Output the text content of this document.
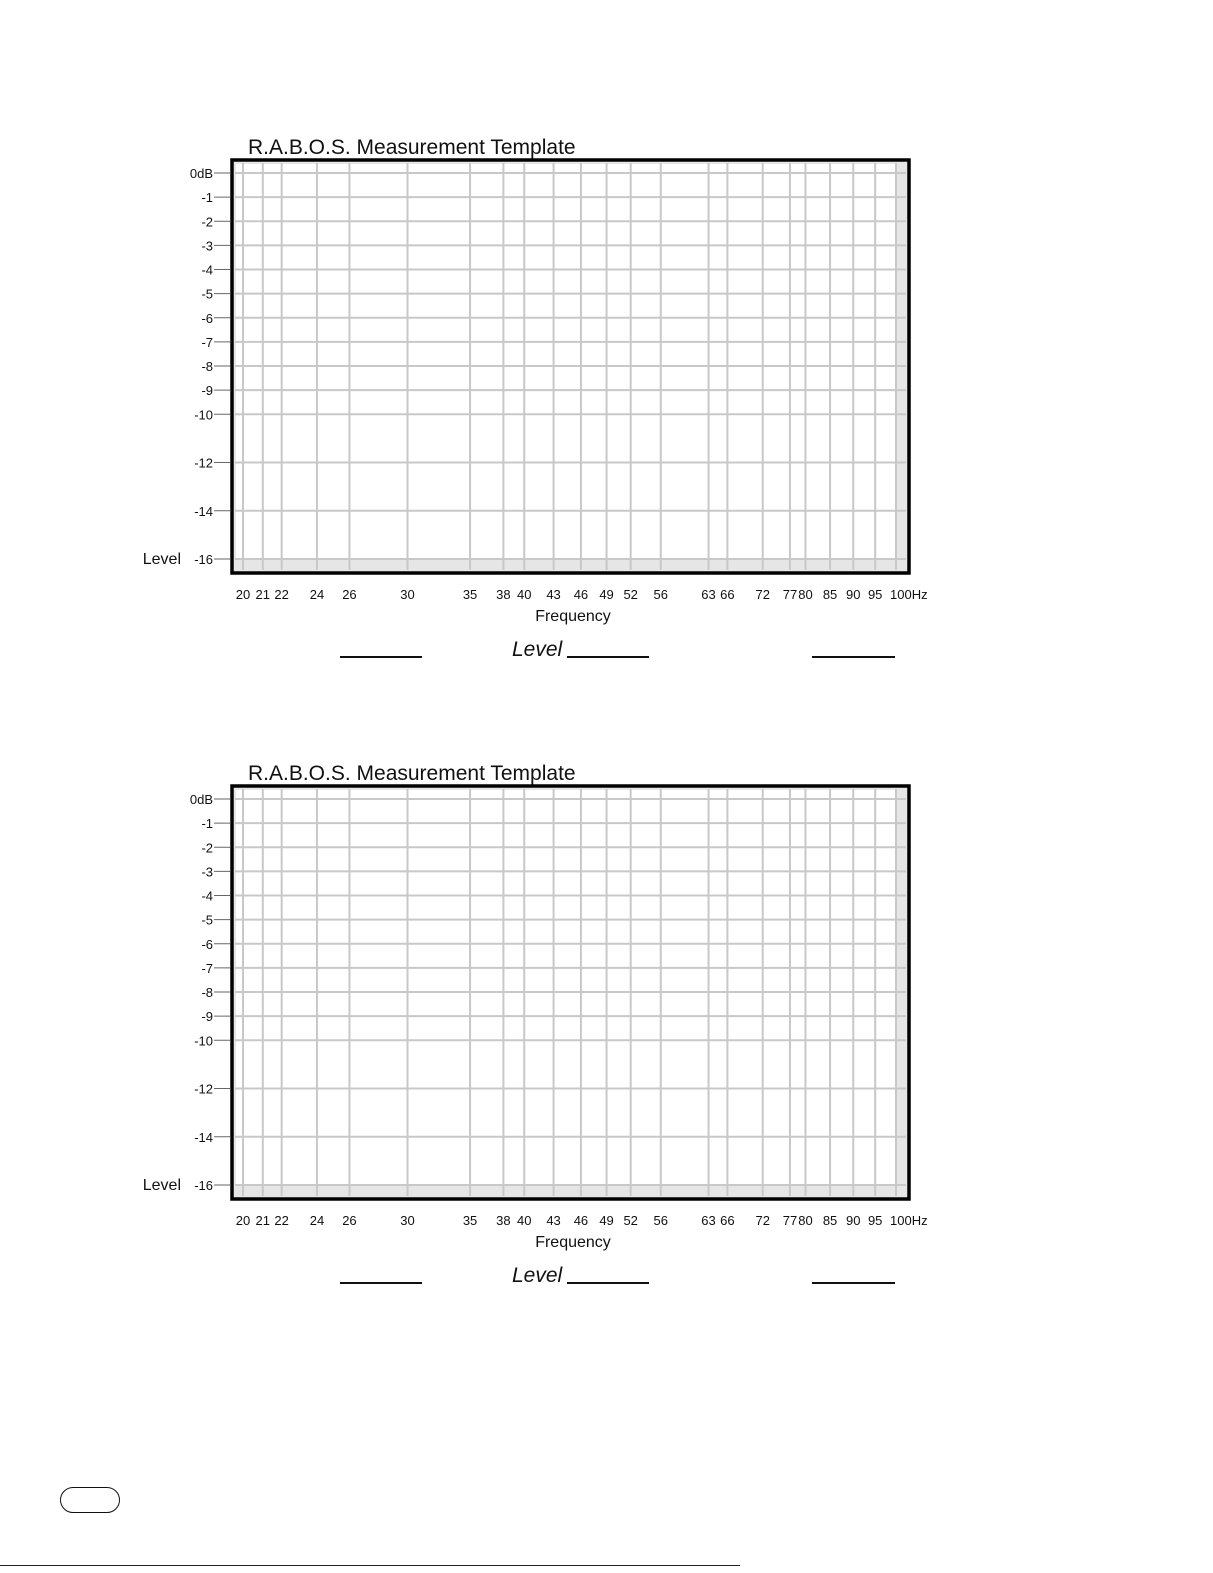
R.A.B.O.S. Measurement Template
0dB
-1
-2
-3
-4
-5
-6
-7
-8
-9
-10
-12
-14
-16
Level
20 21 22 24 26	30	35 38 40 43 46 49 52 56	63 66 72 77 80 85 90 95 100Hz
Frequency
Level
R.A.B.O.S. Measurement Template
0dB
-1
-2
-3
-4
-5
-6
-7
-8
-9
-10
-12
-14
-16
Level
20 21 22 24 26	30	35 38 40 43 46 49 52 56	63 66 72 77 80 85 90 95 100Hz
Frequency
Level
